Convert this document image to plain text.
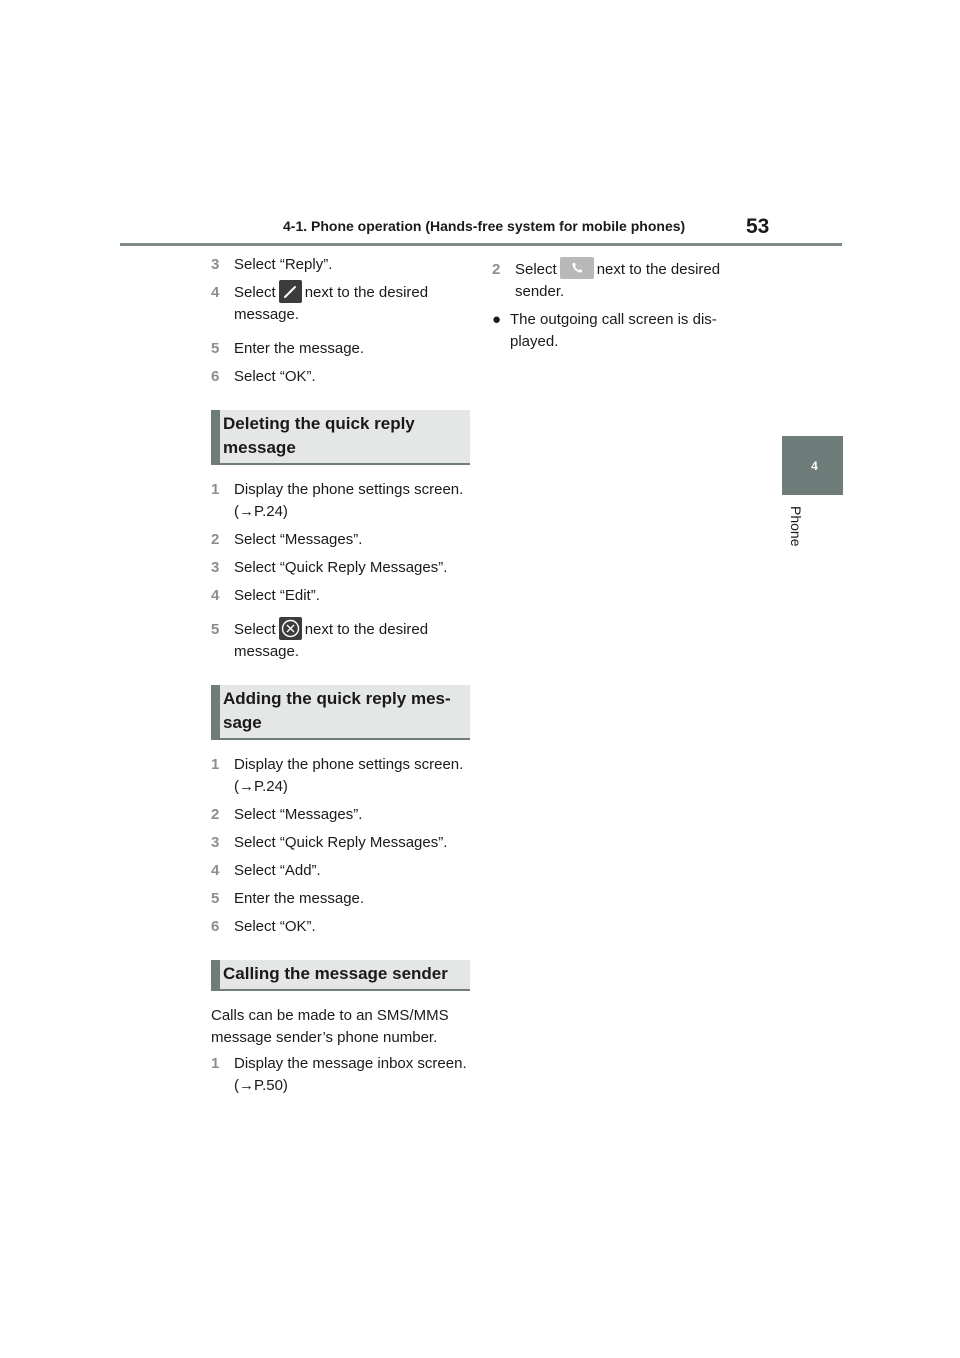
4-1. Phone operation (Hands-free system for mobile phones)	53
4
Phone
3 Select “Reply”.
4 Select next to the desired message.
5 Enter the message.
6 Select “OK”.
Deleting the quick reply message
1 Display the phone settings screen. (→P.24)
2 Select “Messages”.
3 Select “Quick Reply Messages”.
4 Select “Edit”.
5 Select next to the desired message.
Adding the quick reply mes-sage
1 Display the phone settings screen. (→P.24)
2 Select “Messages”.
3 Select “Quick Reply Messages”.
4 Select “Add”.
5 Enter the message.
6 Select “OK”.
Calling the message sender
Calls can be made to an SMS/MMS message sender’s phone number.
1 Display the message inbox screen. (→P.50)
2 Select	next to the desired sender.
● The outgoing call screen is dis-played.
